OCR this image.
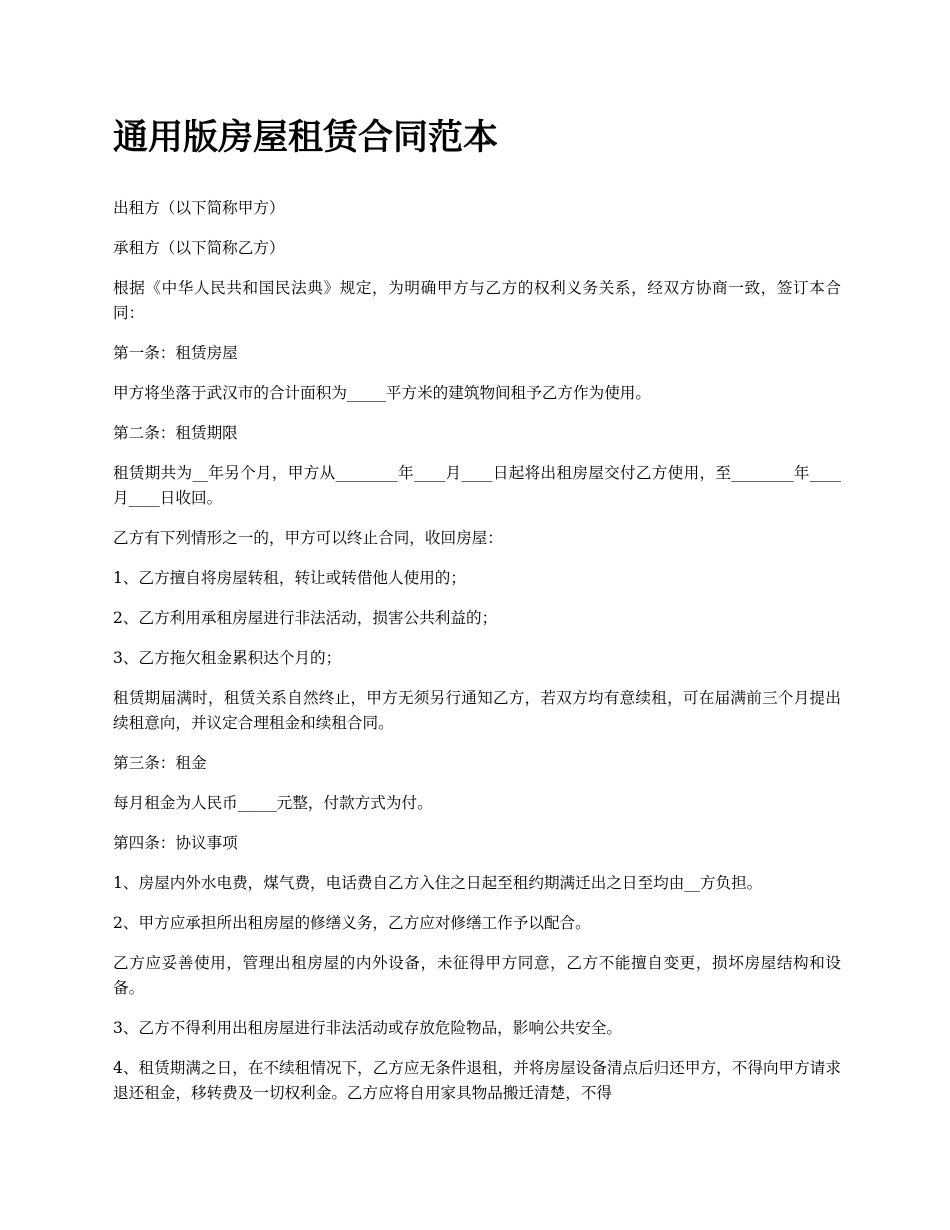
通用版房屋租赁合同范本

出租方（以下简称甲方）

承租方（以下简称乙方）

根据《中华人民共和国民法典》规定，为明确甲方与乙方的权利义务关系，经双方协商一致，签订本合同：

第一条：租赁房屋

甲方将坐落于武汉市的合计面积为_____平方米的建筑物间租予乙方作为使用。

第二条：租赁期限

租赁期共为__年另个月，甲方从________年____月____日起将出租房屋交付乙方使用，至________年____月____日收回。

乙方有下列情形之一的，甲方可以终止合同，收回房屋：

1、乙方擅自将房屋转租，转让或转借他人使用的；

2、乙方利用承租房屋进行非法活动，损害公共利益的；

3、乙方拖欠租金累积达个月的；

租赁期届满时，租赁关系自然终止，甲方无须另行通知乙方，若双方均有意续租，可在届满前三个月提出续租意向，并议定合理租金和续租合同。

第三条：租金

每月租金为人民币_____元整，付款方式为付。

第四条：协议事项

1、房屋内外水电费，煤气费，电话费自乙方入住之日起至租约期满迁出之日至均由__方负担。

2、甲方应承担所出租房屋的修缮义务，乙方应对修缮工作予以配合。

乙方应妥善使用，管理出租房屋的内外设备，未征得甲方同意，乙方不能擅自变更，损坏房屋结构和设备。

3、乙方不得利用出租房屋进行非法活动或存放危险物品，影响公共安全。

4、租赁期满之日，在不续租情况下，乙方应无条件退租，并将房屋设备清点后归还甲方，不得向甲方请求退还租金，移转费及一切权利金。乙方应将自用家具物品搬迁清楚，不得
